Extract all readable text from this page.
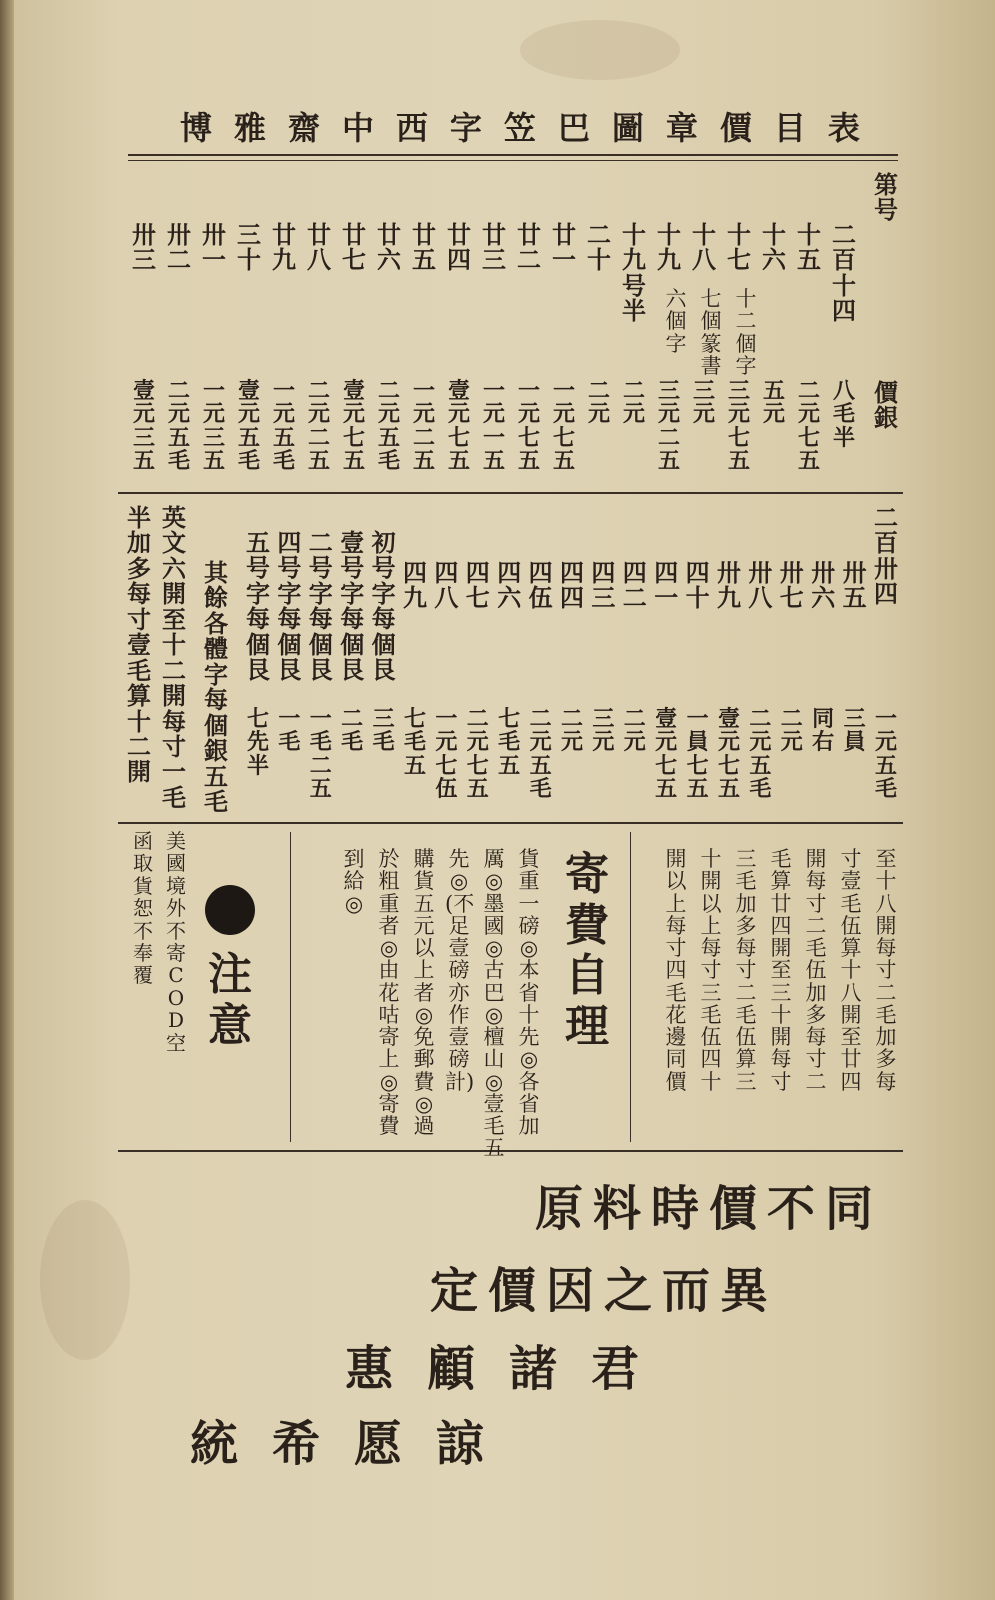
博 雅 齋 中 西 字 笠 巴 圖 章 價 目 表
第号
價銀
二百十四
八毛半
十五
二元七五
十六
十二個字
五元
十七
七個篆書
三元七五
十八
六個字
三元
十九
三元二五
十九号半
二元
二十
二元
廿一
一元七五
廿二
一元七五
廿三
一元一五
廿四
壹元七五
廿五
一元二五
廿六
二元五毛
廿七
壹元七五
廿八
二元二五
廿九
一元五毛
三十
壹元五毛
卅一
一元三五
卅二
二元五毛
卅三
壹元三五
二百卅四
一元五毛
卅五
三員
卅六
同右
卅七
二元
卅八
二元五毛
卅九
壹元七五
四十
一員七五
四一
壹元七五
四二
二元
四三
三元
四四
二元
四伍
二元五毛
四六
七毛五
四七
二元七五
四八
一元七伍
四九
七毛五
初号字每個艮
三毛
壹号字每個艮
二毛
二号字每個艮
一毛二五
四号字每個艮
一毛
五号字每個艮
七先半
其餘各體字每個銀五毛
英文六開至十二開每寸一毛
半加多每寸壹毛算十二開
至十八開每寸二毛加多每
寸壹毛伍算十八開至廿四
開每寸二毛伍加多每寸二
毛算廿四開至三十開每寸
三毛加多每寸二毛伍算三
十開以上每寸三毛伍四十
開以上每寸四毛花邊同價
寄費自理
貨重一磅◎本省十先◎各省加
厲◎墨國◎古巴◎檀山◎壹毛五
先◎(不足壹磅亦作壹磅計)
購貨五元以上者◎免郵費◎過
於粗重者◎由花咕寄上◎寄費
到給◎
注意
美國境外不寄COD空
函取貨恕不奉覆
原料時價不同
定價因之而異
惠顧諸君
統希愿諒
